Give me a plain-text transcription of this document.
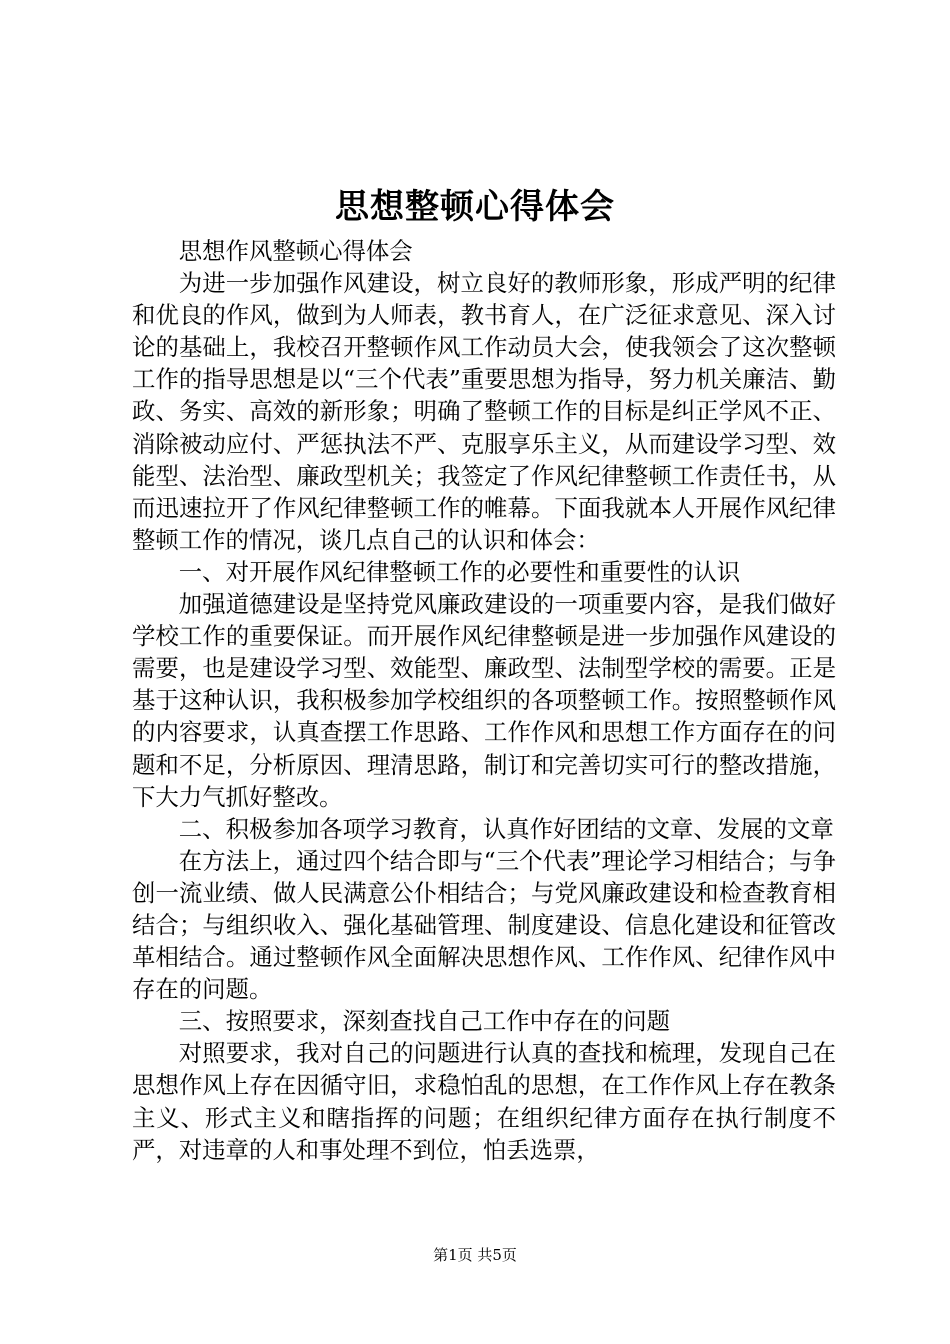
思想整顿心得体会

思想作风整顿心得体会

为进一步加强作风建设，树立良好的教师形象，形成严明的纪律和优良的作风，做到为人师表，教书育人，在广泛征求意见、深入讨论的基础上，我校召开整顿作风工作动员大会，使我领会了这次整顿工作的指导思想是以“三个代表”重要思想为指导，努力机关廉洁、勤政、务实、高效的新形象；明确了整顿工作的目标是纠正学风不正、消除被动应付、严惩执法不严、克服享乐主义，从而建设学习型、效能型、法治型、廉政型机关；我签定了作风纪律整顿工作责任书，从而迅速拉开了作风纪律整顿工作的帷幕。下面我就本人开展作风纪律整顿工作的情况，谈几点自己的认识和体会：

一、对开展作风纪律整顿工作的必要性和重要性的认识

加强道德建设是坚持党风廉政建设的一项重要内容，是我们做好学校工作的重要保证。而开展作风纪律整顿是进一步加强作风建设的需要，也是建设学习型、效能型、廉政型、法制型学校的需要。正是基于这种认识，我积极参加学校组织的各项整顿工作。按照整顿作风的内容要求，认真查摆工作思路、工作作风和思想工作方面存在的问题和不足，分析原因、理清思路，制订和完善切实可行的整改措施，下大力气抓好整改。

二、积极参加各项学习教育，认真作好团结的文章、发展的文章

在方法上，通过四个结合即与“三个代表”理论学习相结合；与争创一流业绩、做人民满意公仆相结合；与党风廉政建设和检查教育相结合；与组织收入、强化基础管理、制度建设、信息化建设和征管改革相结合。通过整顿作风全面解决思想作风、工作作风、纪律作风中存在的问题。

三、按照要求，深刻查找自己工作中存在的问题

对照要求，我对自己的问题进行认真的查找和梳理，发现自己在思想作风上存在因循守旧，求稳怕乱的思想，在工作作风上存在教条主义、形式主义和瞎指挥的问题；在组织纪律方面存在执行制度不严，对违章的人和事处理不到位，怕丢选票，

第1页 共5页
